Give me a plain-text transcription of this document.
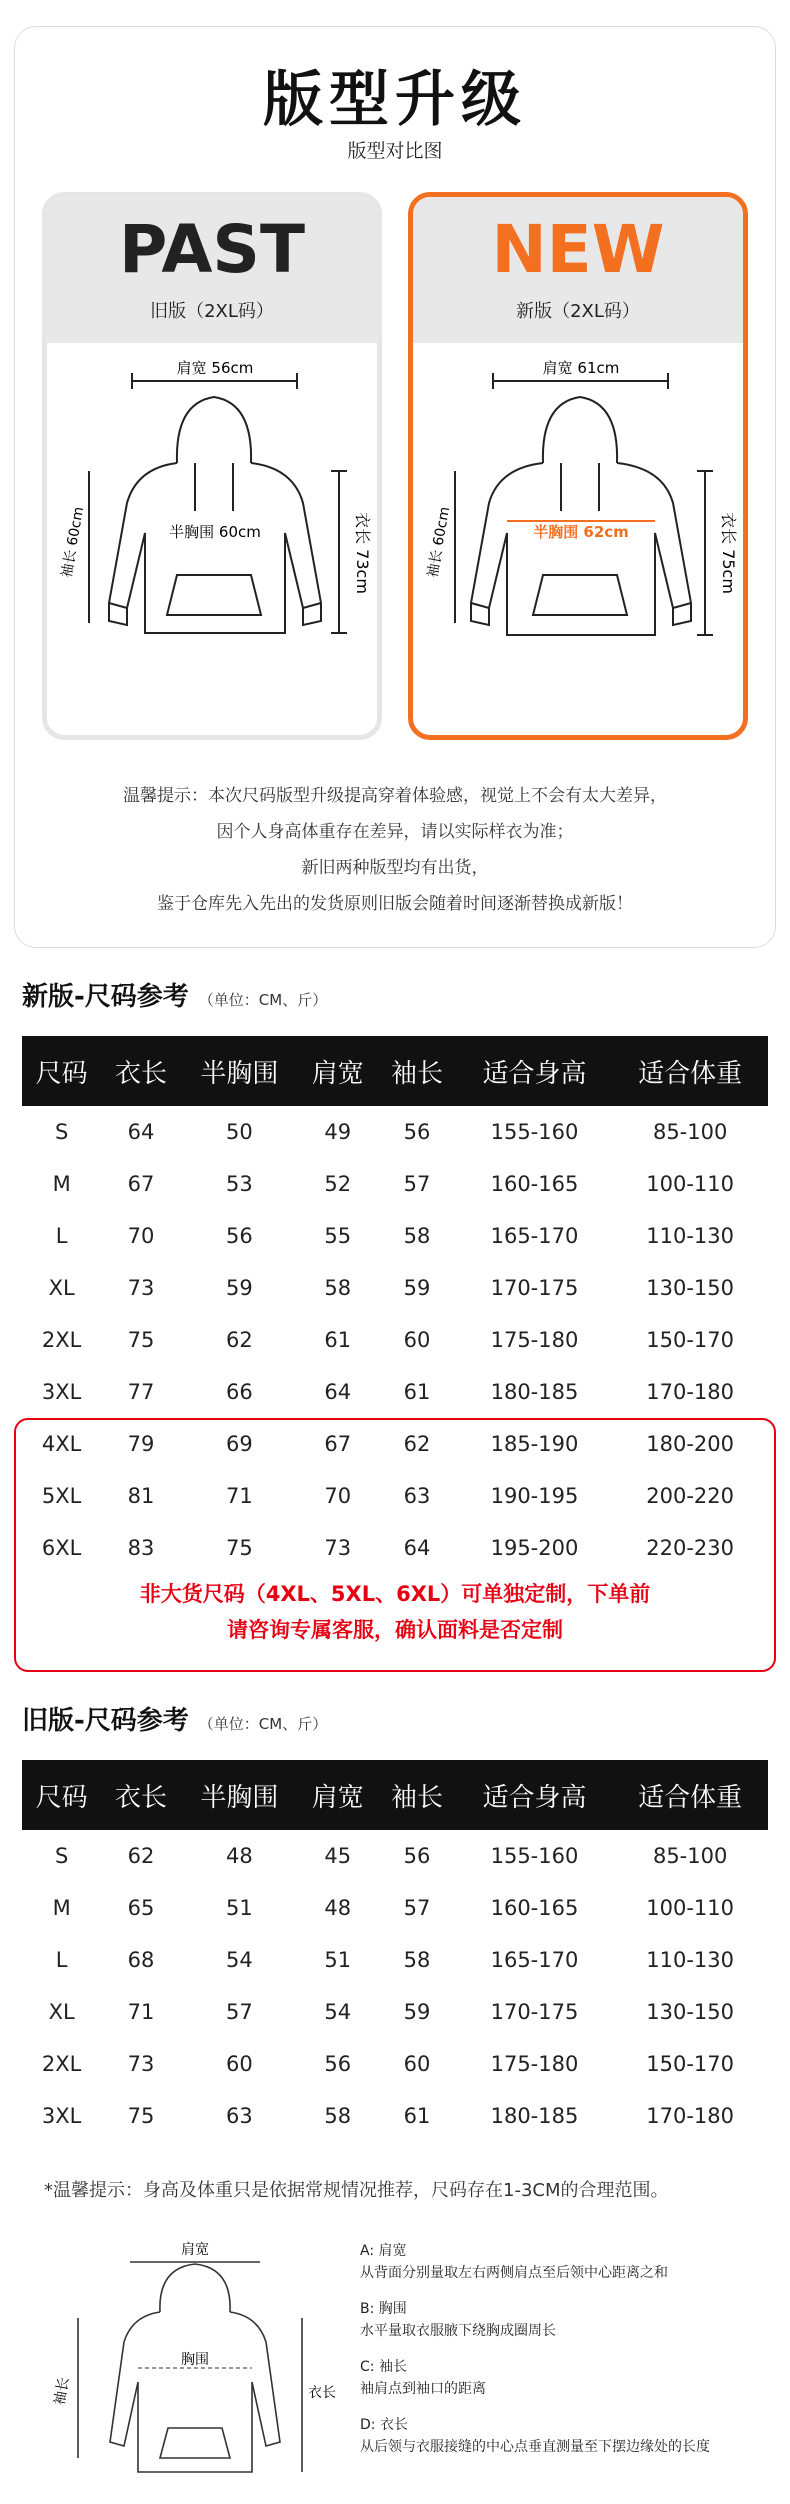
版型升级
版型对比图
PAST
旧版（2XL码）
肩宽 56cm
半胸围 60cm
袖长 60cm	衣长 73cm
NEW
新版（2XL码）
肩宽 61cm
半胸围 62cm
袖长 60cm	衣长 75cm
温馨提示：本次尺码版型升级提高穿着体验感，视觉上不会有太大差异，
因个人身高体重存在差异，请以实际样衣为准；
新旧两种版型均有出货，
鉴于仓库先入先出的发货原则旧版会随着时间逐渐替换成新版！
新版-尺码参考 （单位：CM、斤）
尺码	衣长	半胸围	肩宽	袖长	适合身高	适合体重
S	64	50	49	56	155-160	85-100
M	67	53	52	57	160-165	100-110
L	70	56	55	58	165-170	110-130
XL	73	59	58	59	170-175	130-150
2XL	75	62	61	60	175-180	150-170
3XL	77	66	64	61	180-185	170-180
4XL	79	69	67	62	185-190	180-200
5XL	81	71	70	63	190-195	200-220
6XL	83	75	73	64	195-200	220-230
非大货尺码（4XL、5XL、6XL）可单独定制，下单前
请咨询专属客服，确认面料是否定制
旧版-尺码参考 （单位：CM、斤）
尺码	衣长	半胸围	肩宽	袖长	适合身高	适合体重
S	62	48	45	56	155-160	85-100
M	65	51	48	57	160-165	100-110
L	68	54	51	58	165-170	110-130
XL	71	57	54	59	170-175	130-150
2XL	73	60	56	60	175-180	150-170
3XL	75	63	58	61	180-185	170-180
*温馨提示：身高及体重只是依据常规情况推荐，尺码存在1-3CM的合理范围。
肩宽
胸围
袖长	衣长
A: 肩宽
从背面分别量取左右两侧肩点至后领中心距离之和
B: 胸围
水平量取衣服腋下绕胸成圈周长
C: 袖长
袖肩点到袖口的距离
D: 衣长
从后领与衣服接缝的中心点垂直测量至下摆边缘处的长度
